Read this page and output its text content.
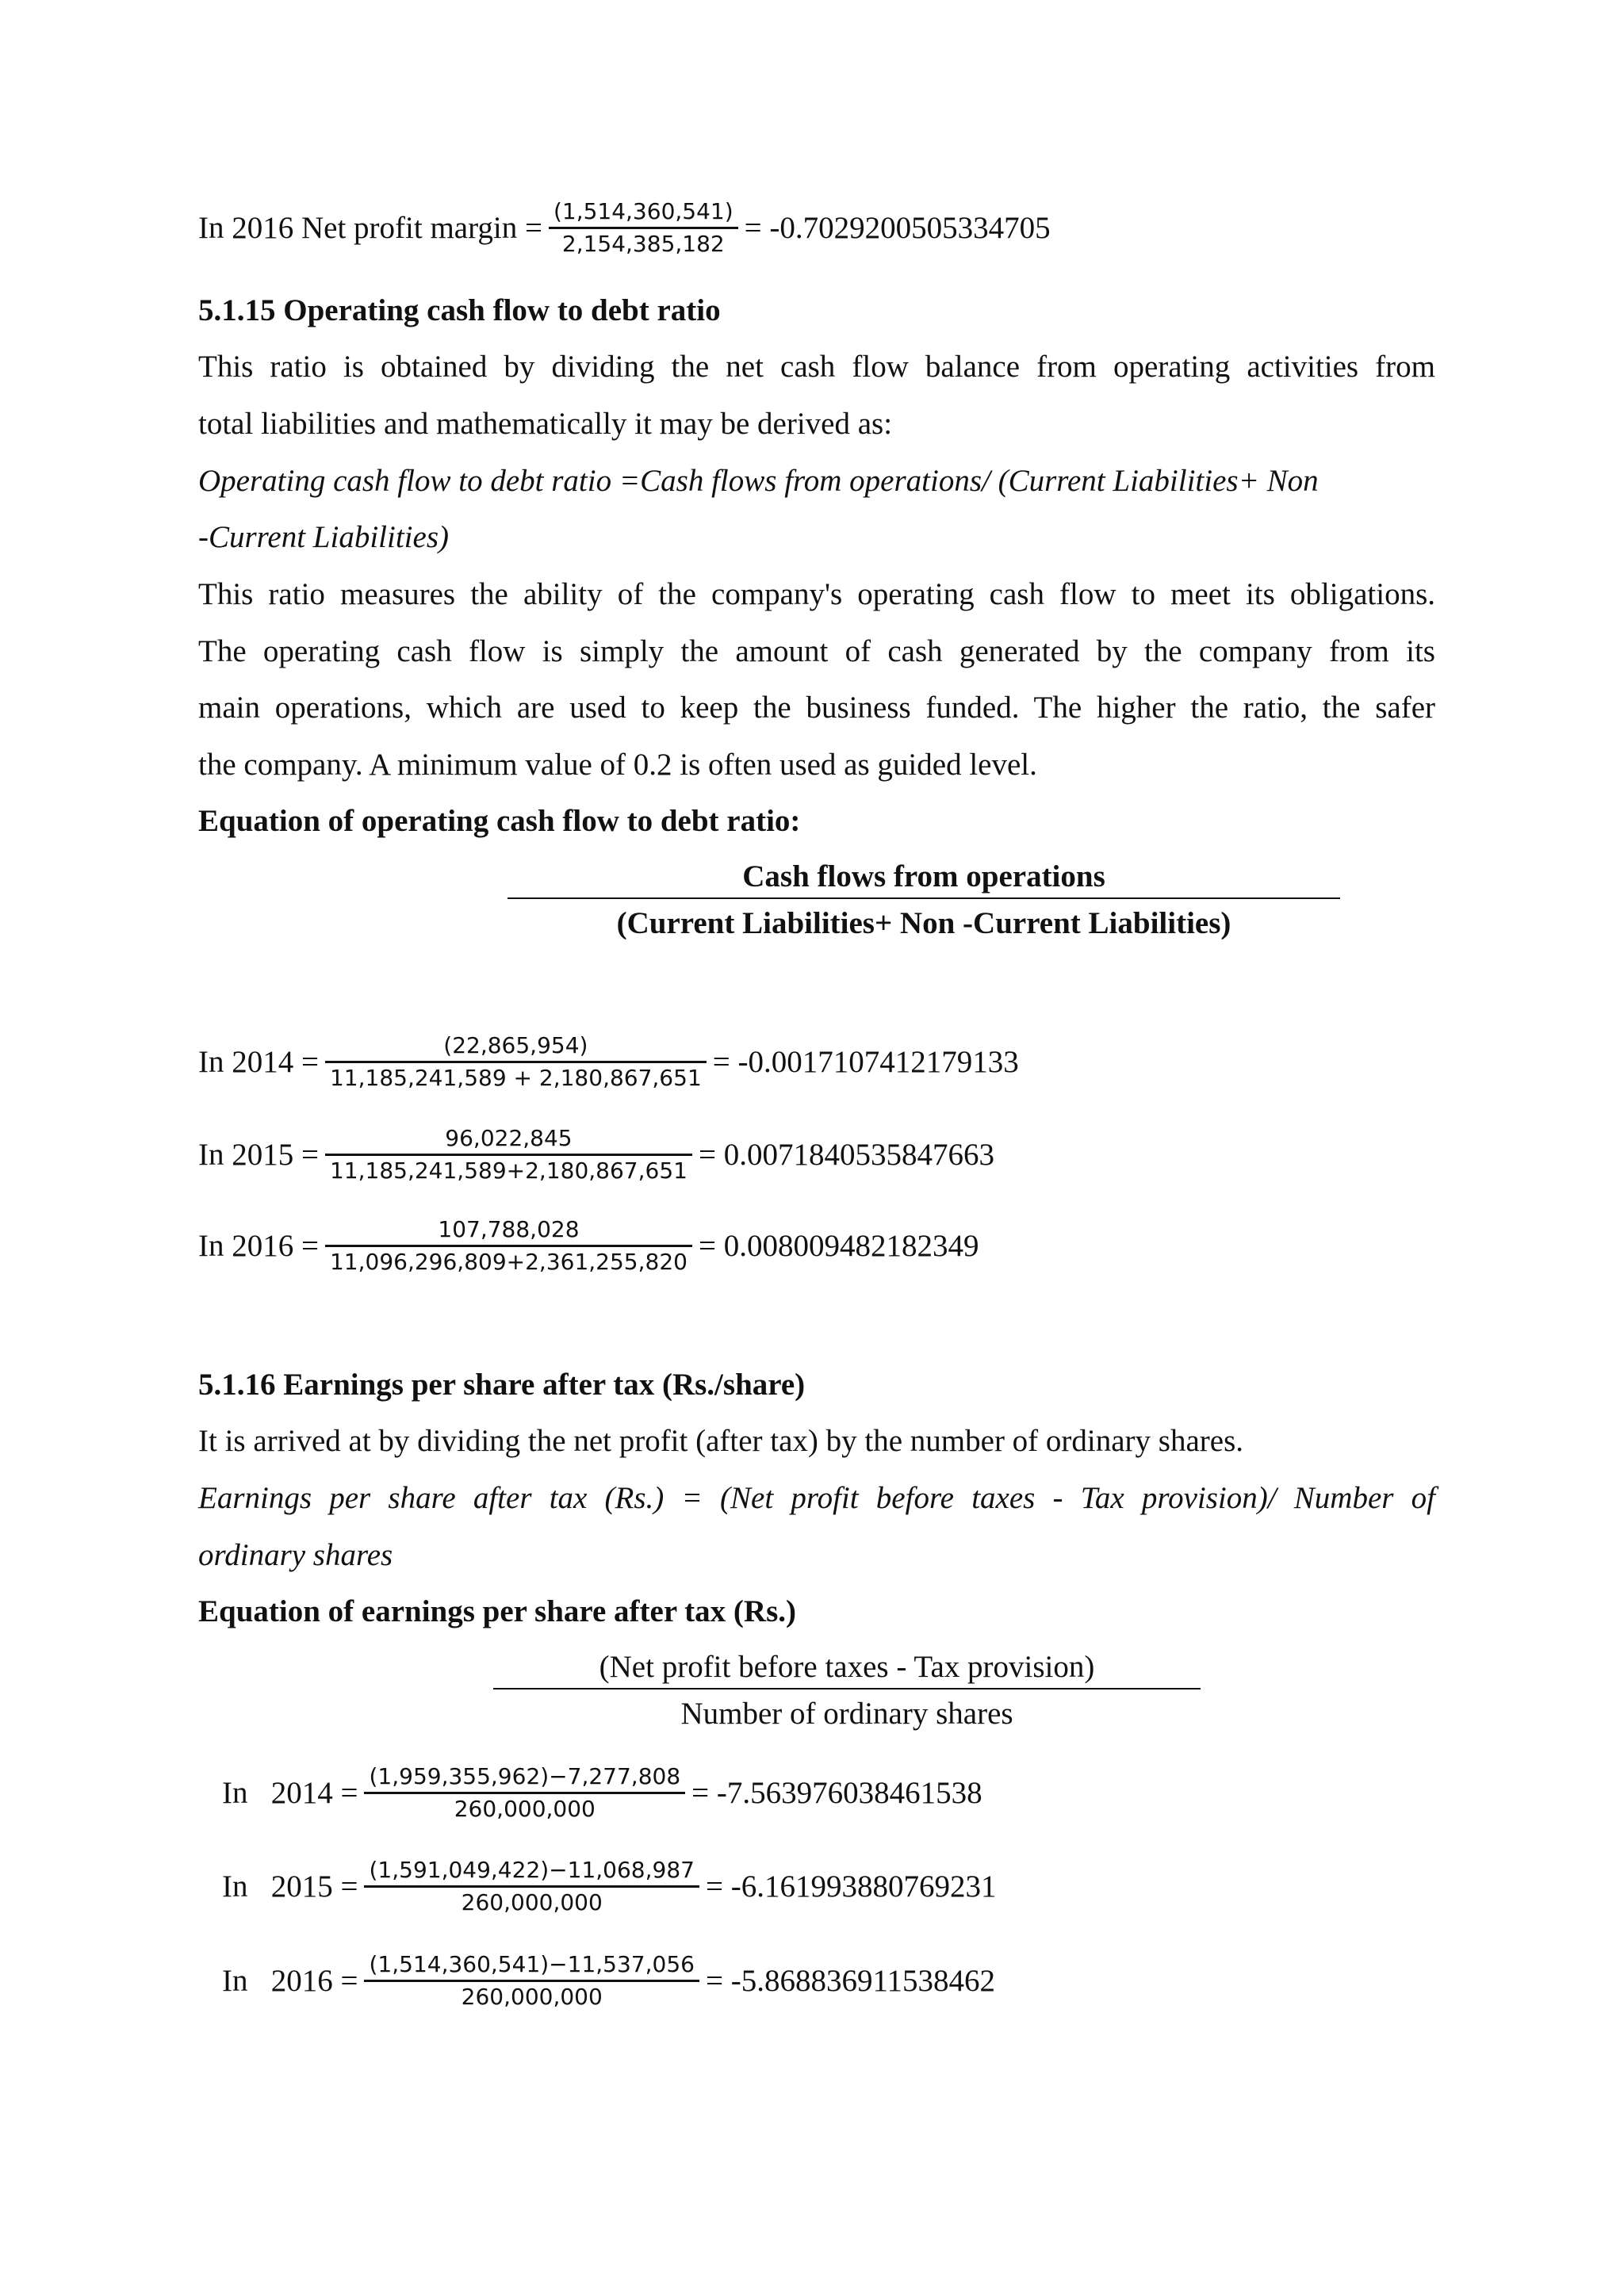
In 2016 Net profit margin = $\frac{(1,514,360,541)}{2,154,385,182} = -0.7029200505334705$
5.1.15 Operating cash flow to debt ratio
This ratio is obtained by dividing the net cash flow balance from operating activities from
total liabilities and mathematically it may be derived as:
Operating cash flow to debt ratio =Cash flows from operations/ (Current Liabilities+ Non
-Current Liabilities)
This ratio measures the ability of the company's operating cash flow to meet its obligations.
The operating cash flow is simply the amount of cash generated by the company from its
main operations, which are used to keep the business funded. The higher the ratio, the safer
the company. A minimum value of 0.2 is often used as guided level.
Equation of operating cash flow to debt ratio:
Cash flows from operations
(Current Liabilities+ Non -Current Liabilities)
In $2014 = \frac{(22,865,954)}{11,185,241,589 + 2,180,867,651} = -0.0017107412179133$
In $2015 = \frac{96,022,845}{11,185,241,589+2,180,867,651} = 0.0071840535847663$
In $2016 = \frac{107,788,028}{11,096,296,809+2,361,255,820} = 0.008009482182349$
5.1.16 Earnings per share after tax (Rs./share)
It is arrived at by dividing the net profit (after tax) by the number of ordinary shares.
Earnings per share after tax (Rs.) = (Net profit before taxes - Tax provision)/ Number of
ordinary shares
Equation of earnings per share after tax (Rs.)
(Net profit before taxes - Tax provision)
Number of ordinary shares
In   $2014 = \frac{(1,959,355,962)-7,277,808}{260,000,000} = -7.563976038461538$
In   $2015 = \frac{(1,591,049,422)-11,068,987}{260,000,000} = -6.161993880769231$
In   $2016 = \frac{(1,514,360,541)-11,537,056}{260,000,000} = -5.868836911538462$
